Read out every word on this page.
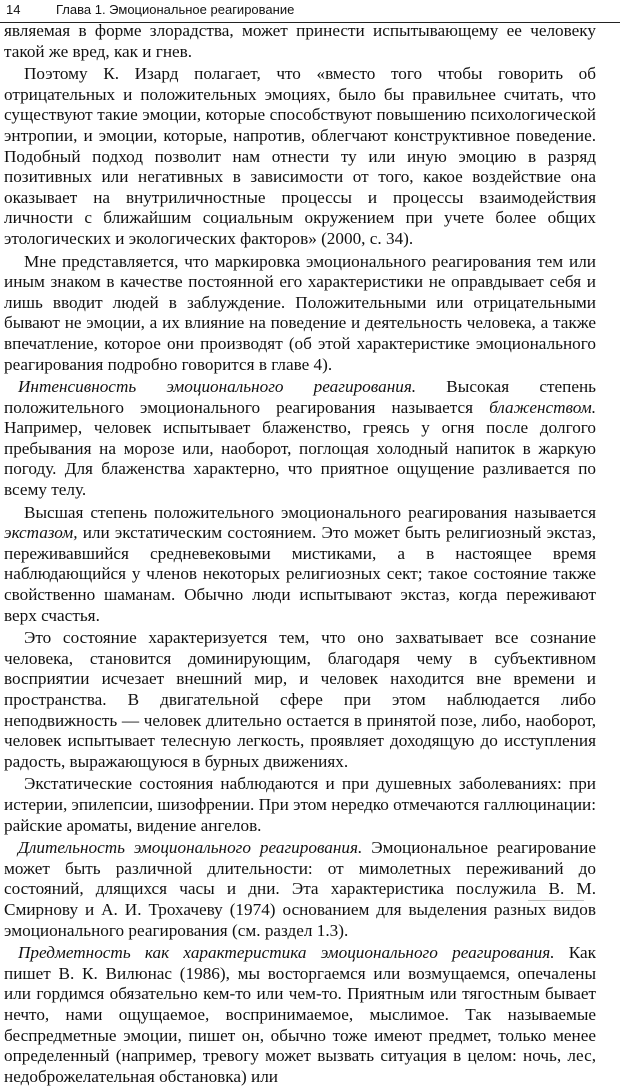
14	Глава 1. Эмоциональное реагирование

являемая в форме злорадства, может принести испытывающему ее человеку такой же вред, как и гнев.

Поэтому К. Изард полагает, что «вместо того чтобы говорить об отрицательных и положительных эмоциях, было бы правильнее считать, что существуют такие эмоции, которые способствуют повышению психологической энтропии, и эмоции, которые, напротив, облегчают конструктивное поведение. Подобный подход позволит нам отнести ту или иную эмоцию в разряд позитивных или негативных в зависимости от того, какое воздействие она оказывает на внутриличностные процессы и процессы взаимодействия личности с ближайшим социальным окружением при учете более общих этологических и экологических факторов» (2000, с. 34).

Мне представляется, что маркировка эмоционального реагирования тем или иным знаком в качестве постоянной его характеристики не оправдывает себя и лишь вводит людей в заблуждение. Положительными или отрицательными бывают не эмоции, а их влияние на поведение и деятельность человека, а также впечатление, которое они производят (об этой характеристике эмоционального реагирования подробно говорится в главе 4).

Интенсивность эмоционального реагирования. Высокая степень положительного эмоционального реагирования называется блаженством. Например, человек испытывает блаженство, греясь у огня после долгого пребывания на морозе или, наоборот, поглощая холодный напиток в жаркую погоду. Для блаженства характерно, что приятное ощущение разливается по всему телу.

Высшая степень положительного эмоционального реагирования называется экстазом, или экстатическим состоянием. Это может быть религиозный экстаз, переживавшийся средневековыми мистиками, а в настоящее время наблюдающийся у членов некоторых религиозных сект; такое состояние также свойственно шаманам. Обычно люди испытывают экстаз, когда переживают верх счастья.

Это состояние характеризуется тем, что оно захватывает все сознание человека, становится доминирующим, благодаря чему в субъективном восприятии исчезает внешний мир, и человек находится вне времени и пространства. В двигательной сфере при этом наблюдается либо неподвижность — человек длительно остается в принятой позе, либо, наоборот, человек испытывает телесную легкость, проявляет доходящую до исступления радость, выражающуюся в бурных движениях.

Экстатические состояния наблюдаются и при душевных заболеваниях: при истерии, эпилепсии, шизофрении. При этом нередко отмечаются галлюцинации: райские ароматы, видение ангелов.

Длительность эмоционального реагирования. Эмоциональное реагирование может быть различной длительности: от мимолетных переживаний до состояний, длящихся часы и дни. Эта характеристика послужила В. М. Смирнову и А. И. Трохачеву (1974) основанием для выделения разных видов эмоционального реагирования (см. раздел 1.3).

Предметность как характеристика эмоционального реагирования. Как пишет В. К. Вилюнас (1986), мы восторгаемся или возмущаемся, опечалены или гордимся обязательно кем-то или чем-то. Приятным или тягостным бывает нечто, нами ощущаемое, воспринимаемое, мыслимое. Так называемые беспредметные эмоции, пишет он, обычно тоже имеют предмет, только менее определенный (например, тревогу может вызвать ситуация в целом: ночь, лес, недоброжелательная обстановка) или
